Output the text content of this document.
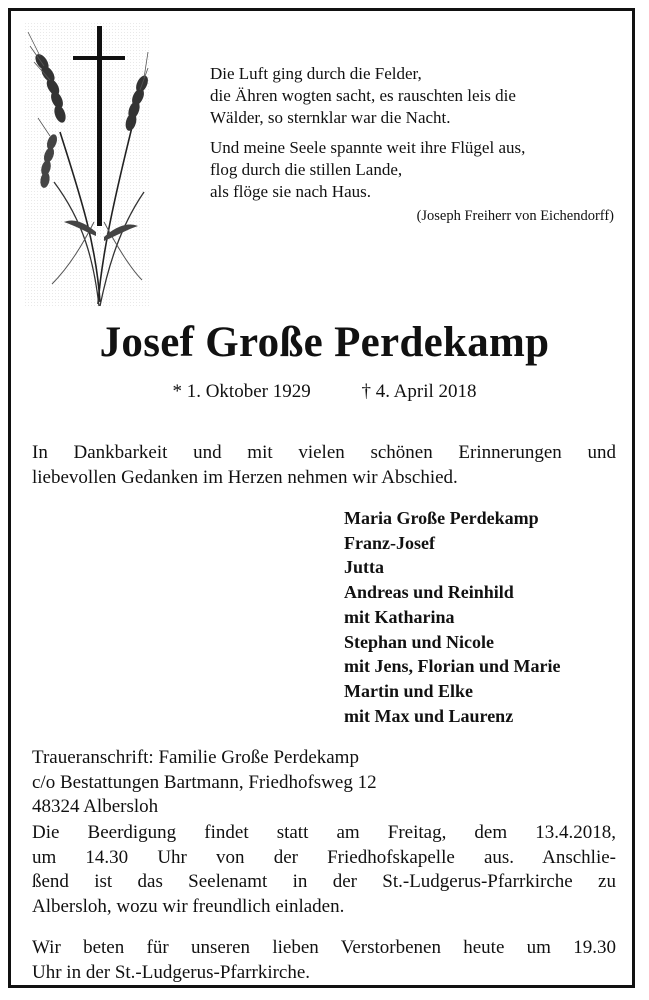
Die Luft ging durch die Felder,

die Ähren wogten sacht, es rauschten leis die

Wälder, so sternklar war die Nacht.

Und meine Seele spannte weit ihre Flügel aus,

flog durch die stillen Lande,

als flöge sie nach Haus.

(Joseph Freiherr von Eichendorff)

Josef Große Perdekamp
* 1. Oktober 1929	† 4. April 2018

In Dankbarkeit und mit vielen schönen Erinnerungen und

liebevollen Gedanken im Herzen nehmen wir Abschied.

Maria Große Perdekamp
Franz-Josef
Jutta
Andreas und Reinhild
mit Katharina
Stephan und Nicole
mit Jens, Florian und Marie
Martin und Elke
mit Max und Laurenz

Traueranschrift: Familie Große Perdekamp

c/o Bestattungen Bartmann, Friedhofsweg 12

48324 Albersloh

Die Beerdigung findet statt am Freitag, dem 13.4.2018,

um 14.30 Uhr von der Friedhofskapelle aus. Anschlie-

ßend ist das Seelenamt in der St.-Ludgerus-Pfarrkirche zu

Albersloh, wozu wir freundlich einladen.

Wir beten für unseren lieben Verstorbenen heute um 19.30

Uhr in der St.-Ludgerus-Pfarrkirche.
